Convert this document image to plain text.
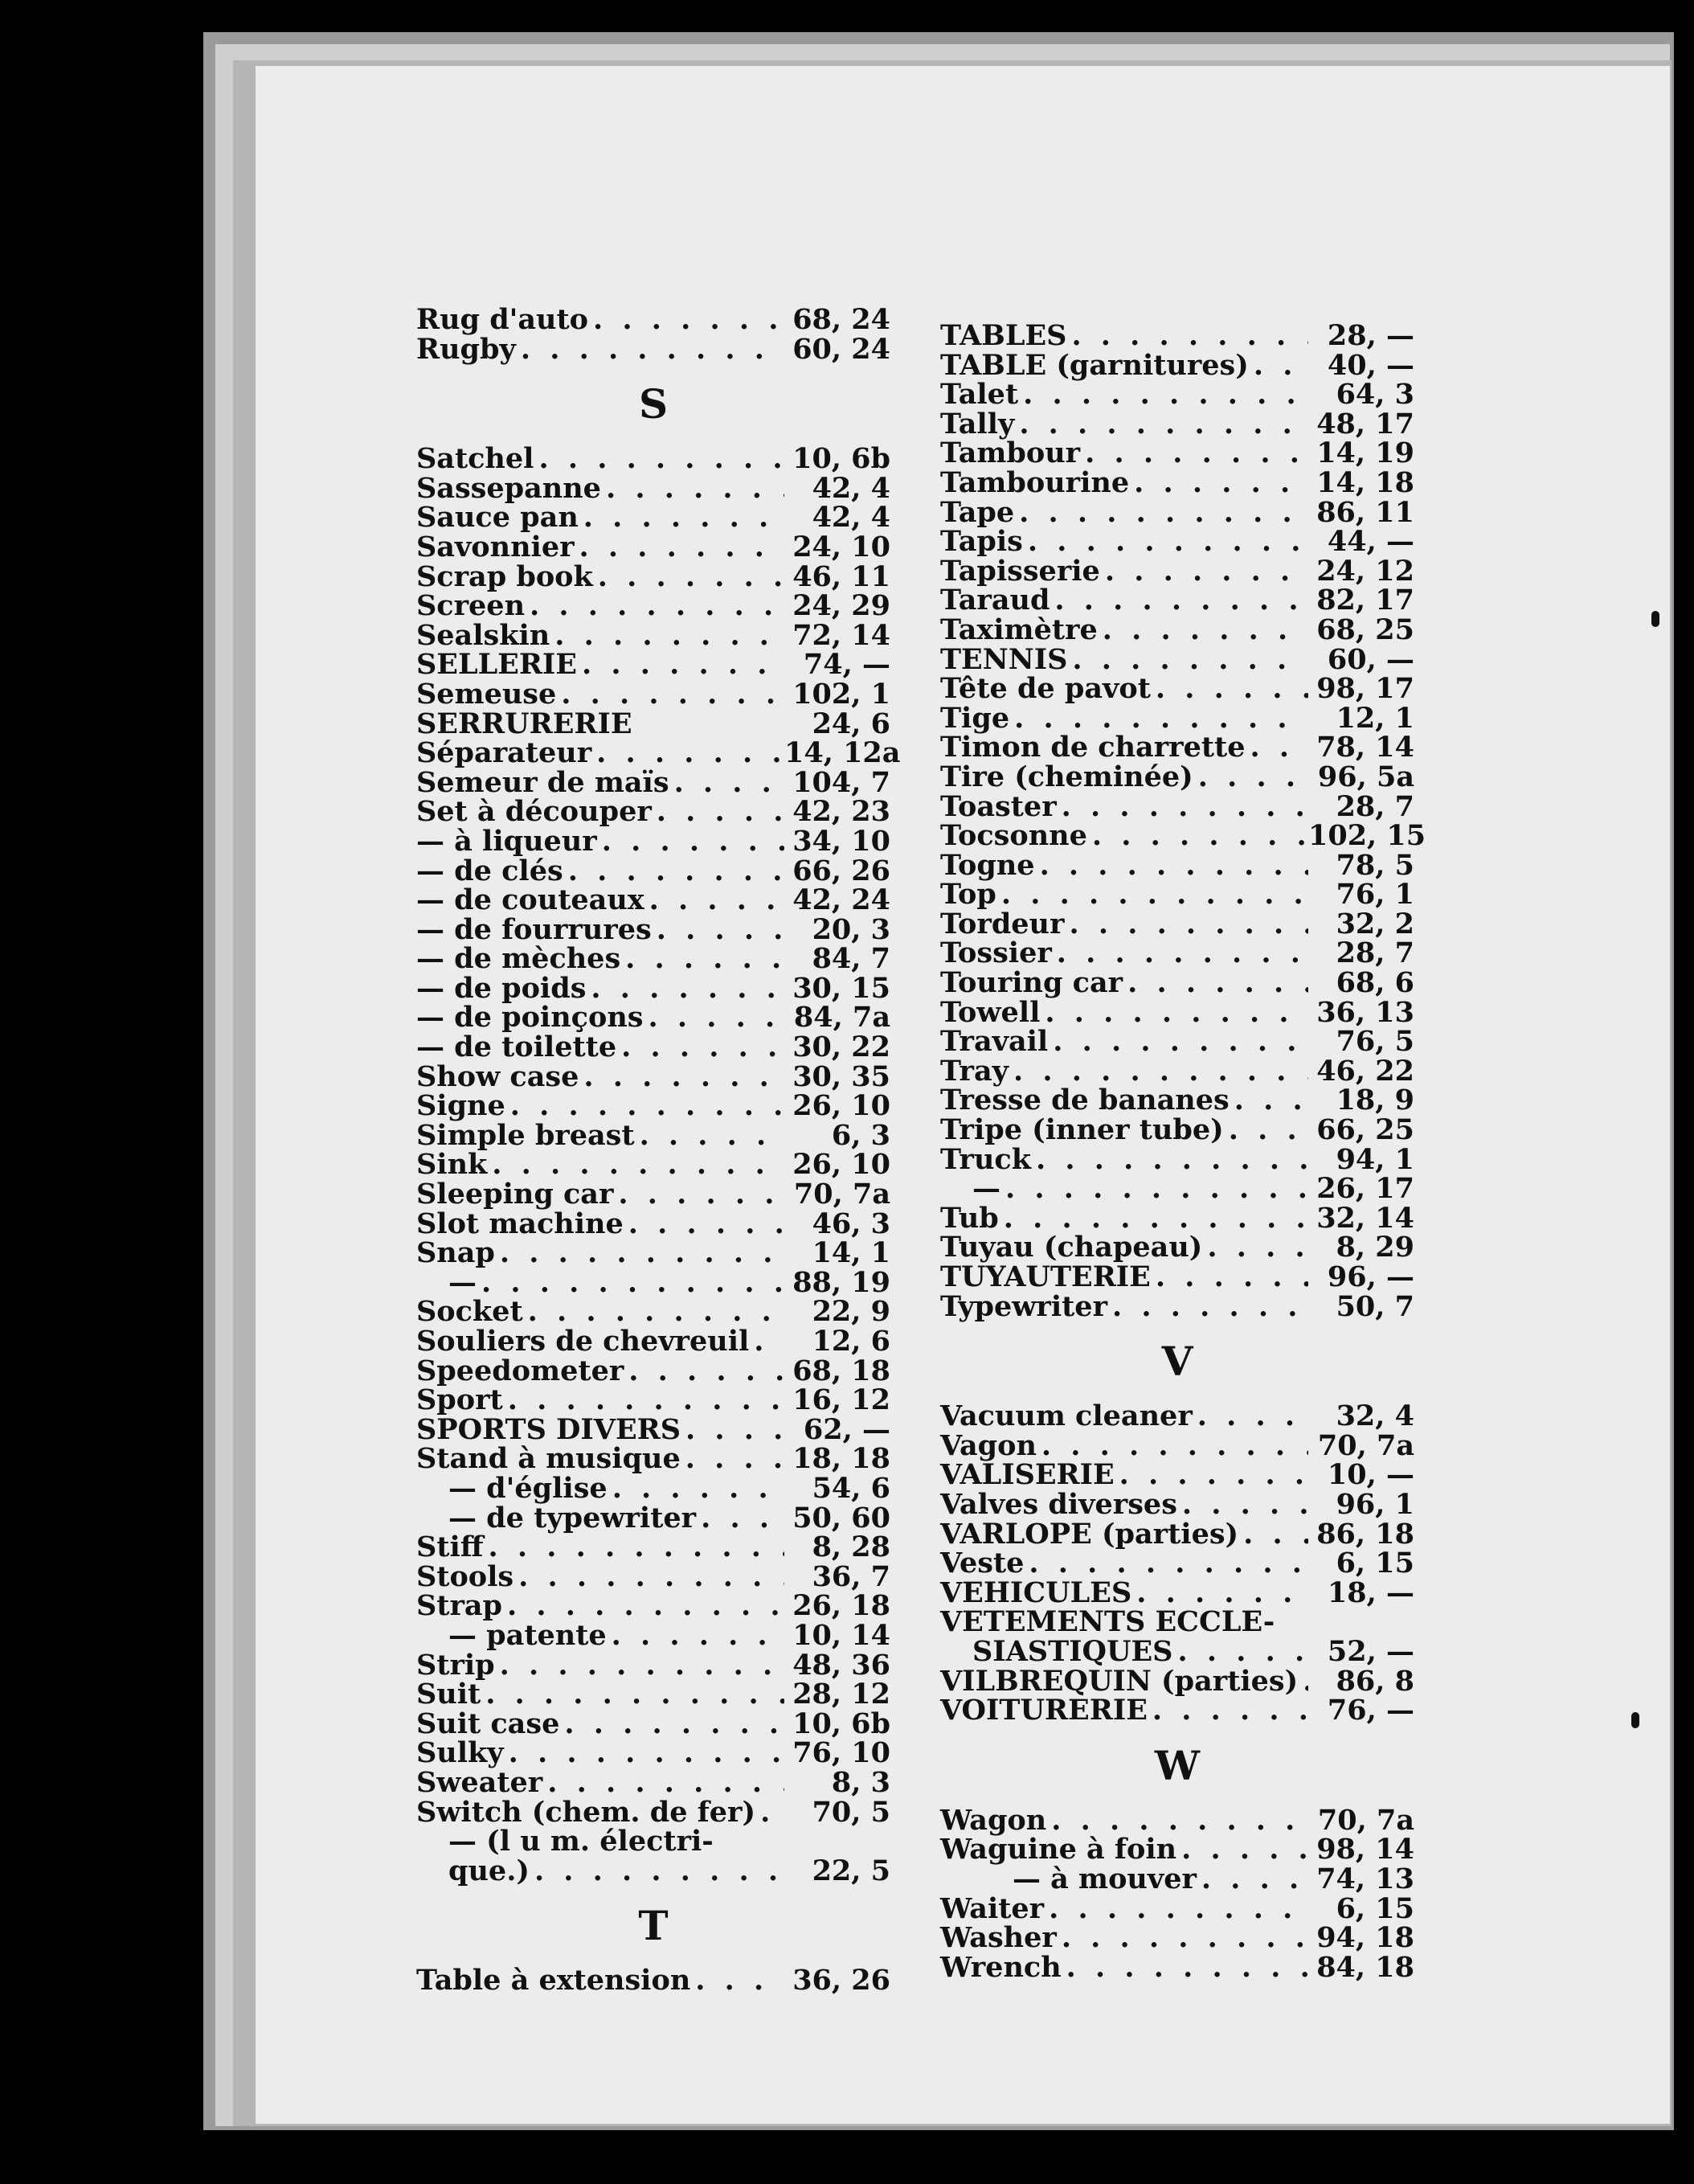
Rug d'auto . . .	68, 24
Rugby . . .	60, 24
S
Satchel . . .	10, 6b
Sassepanne . . .	42, 4
Sauce pan . . .	42, 4
Savonnier . . .	24, 10
Scrap book . . .	46, 11
Screen . . .	24, 29
Sealskin . . .	72, 14
SELLERIE . . .	74, —
Semeuse . . .	102, 1
SERRURERIE	24, 6
Séparateur . . .	14, 12a
Semeur de maïs . . .	104, 7
Set à découper . . .	42, 23
— à liqueur . . .	34, 10
— de clés . . .	66, 26
— de couteaux . . .	42, 24
— de fourrures . . .	20, 3
— de mèches . . .	84, 7
— de poids . . .	30, 15
— de poinçons . . .	84, 7a
— de toilette . . .	30, 22
Show case . . .	30, 35
Signe . . .	26, 10
Simple breast . . .	6, 3
Sink . . .	26, 10
Sleeping car . . .	70, 7a
Slot machine . . .	46, 3
Snap . . .	14, 1
— . . .	88, 19
Socket . . .	22, 9
Souliers de chevreuil . . .	12, 6
Speedometer . . .	68, 18
Sport . . .	16, 12
SPORTS DIVERS . . .	62, —
Stand à musique . . .	18, 18
— d'église . . .	54, 6
— de typewriter . . .	50, 60
Stiff . . .	8, 28
Stools . . .	36, 7
Strap . . .	26, 18
— patente . . .	10, 14
Strip . . .	48, 36
Suit . . .	28, 12
Suit case . . .	10, 6b
Sulky . . .	76, 10
Sweater . . .	8, 3
Switch (chem. de fer) . . .	70, 5
— (l u m. électri-
que.) . . .	22, 5
T
Table à extension . . .	36, 26
TABLES . . .	28, —
TABLE (garnitures) . . .	40, —
Talet . . .	64, 3
Tally . . .	48, 17
Tambour . . .	14, 19
Tambourine . . .	14, 18
Tape . . .	86, 11
Tapis . . .	44, —
Tapisserie . . .	24, 12
Taraud . . .	82, 17
Taximètre . . .	68, 25
TENNIS . . .	60, —
Tête de pavot . . .	98, 17
Tige . . .	12, 1
Timon de charrette . . .	78, 14
Tire (cheminée) . . .	96, 5a
Toaster . . .	28, 7
Tocsonne . . .	102, 15
Togne . . .	78, 5
Top . . .	76, 1
Tordeur . . .	32, 2
Tossier . . .	28, 7
Touring car . . .	68, 6
Towell . . .	36, 13
Travail . . .	76, 5
Tray . . .	46, 22
Tresse de bananes . . .	18, 9
Tripe (inner tube) . . .	66, 25
Truck . . .	94, 1
— . . .	26, 17
Tub . . .	32, 14
Tuyau (chapeau) . . .	8, 29
TUYAUTERIE . . .	96, —
Typewriter . . .	50, 7
V
Vacuum cleaner . . .	32, 4
Vagon . . .	70, 7a
VALISERIE . . .	10, —
Valves diverses . . .	96, 1
VARLOPE (parties) . . .	86, 18
Veste . . .	6, 15
VEHICULES . . .	18, —
VETEMENTS ECCLE-
SIASTIQUES . . .	52, —
VILBREQUIN (parties) . . .	86, 8
VOITURERIE . . .	76, —
W
Wagon . . .	70, 7a
Waguine à foin . . .	98, 14
— à mouver . . .	74, 13
Waiter . . .	6, 15
Washer . . .	94, 18
Wrench . . .	84, 18
